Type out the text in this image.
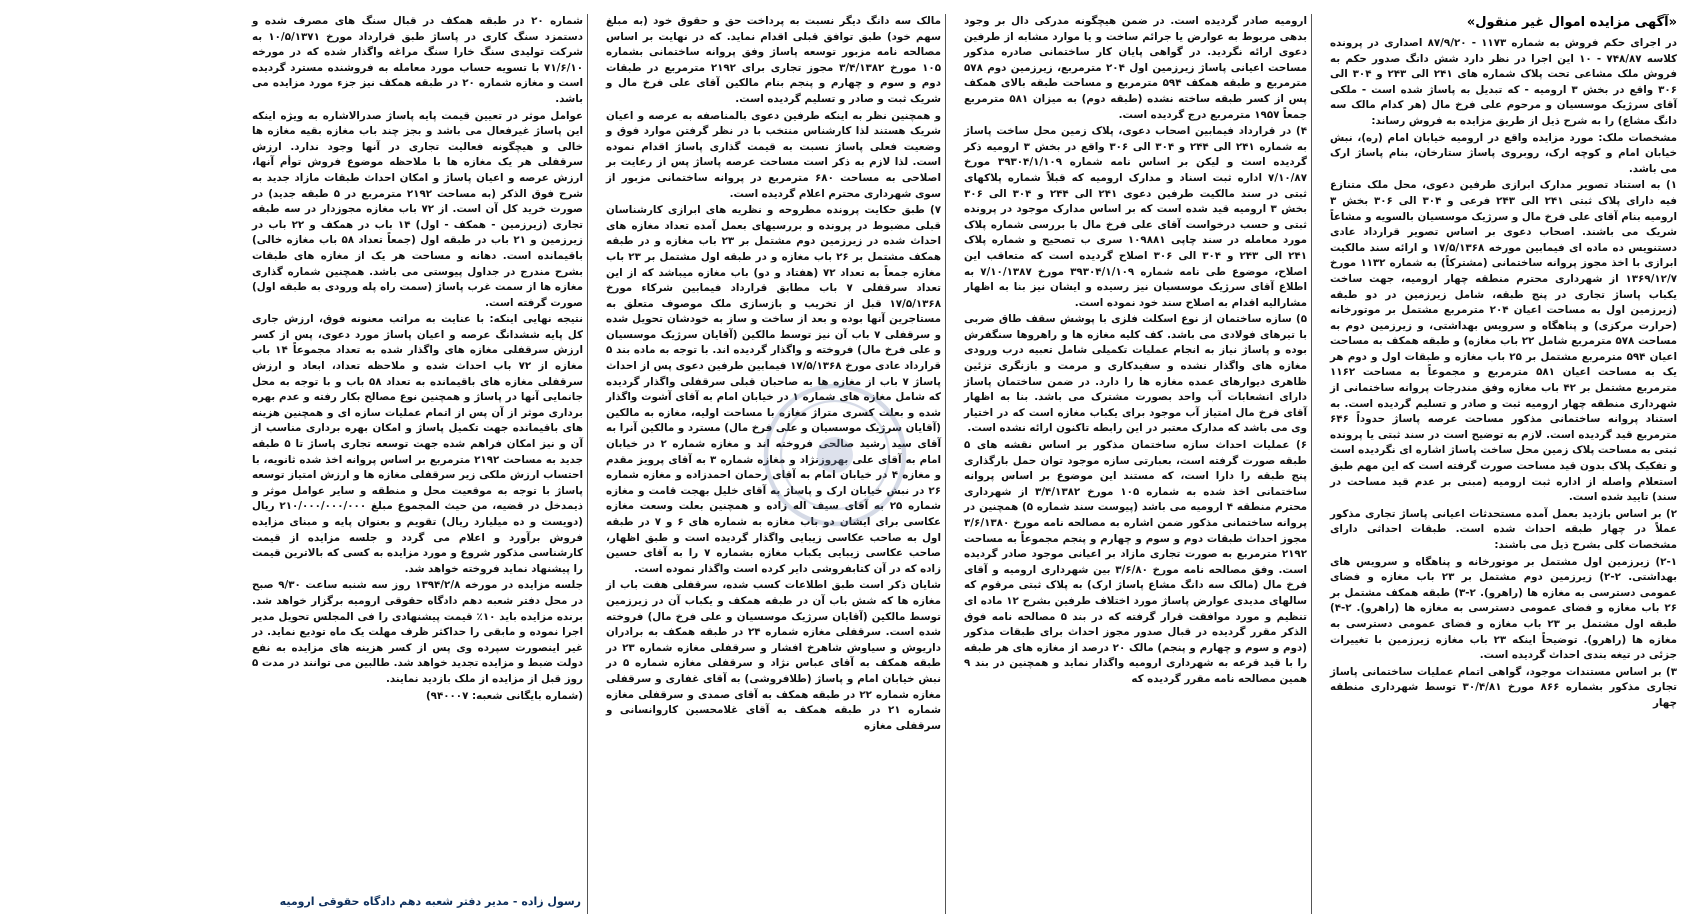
«آگهی مزایده اموال غیر منقول»

در اجرای حکم فروش به شماره ۱۱۷۳ - ۸۷/۹/۲۰ اصداری در پرونده کلاسه ۷۴۸/۸۷ - ۱۰ این اجرا در نظر دارد شش دانگ صدور حکم به فروش ملک مشاعی تحت پلاک شماره های ۲۴۱ الی ۲۴۳ و ۳۰۴ الی ۳۰۶ واقع در بخش ۳ ارومیه - که تبدیل به پاساژ شده است - ملکی آقای سرژیک موسسیان و مرحوم علی فرخ مال (هر کدام مالک سه دانگ مشاع) را به شرح ذیل از طریق مزایده به فروش رساند:

مشخصات ملک: مورد مزایده واقع در ارومیه خیابان امام (ره)، نبش خیابان امام و کوچه ارک، روبروی پاساژ ستارخان، بنام پاساژ ارک می باشد.

۱) به استناد تصویر مدارک ابرازی طرفین دعوی، محل ملک متنازع فیه دارای پلاک ثبتی ۲۴۱ الی ۲۴۳ فرعی و ۳۰۴ الی ۳۰۶ بخش ۳ ارومیه بنام آقای علی فرخ مال و سرژیک موسسیان بالسویه و مشاعاً شریک می باشند. اصحاب دعوی بر اساس تصویر قرارداد عادی دستنویس ده ماده ای فیمابین مورخه ۱۷/۵/۱۳۶۸ و ارائه سند مالکیت ابرازی با اخذ مجوز پروانه ساختمانی (مشترکاً) به شماره ۱۱۳۲ مورخ ۱۳۶۹/۱۲/۷ از شهرداری محترم منطقه چهار ارومیه، جهت ساخت یکباب پاساژ تجاری در پنج طبقه، شامل زیرزمین در دو طبقه (زیرزمین اول به مساحت اعیان ۲۰۴ مترمربع مشتمل بر موتورخانه (حرارت مرکزی) و پناهگاه و سرویس بهداشتی، و زیرزمین دوم به مساحت ۵۷۸ مترمربع شامل ۲۲ باب مغازه) و طبقه همکف به مساحت اعیان ۵۹۴ مترمربع مشتمل بر ۲۵ باب مغازه و طبقات اول و دوم هر یک به مساحت اعیان ۵۸۱ مترمربع و مجموعاً به مساحت ۱۱۶۲ مترمربع مشتمل بر ۴۲ باب مغازه وفق مندرجات پروانه ساختمانی از شهرداری منطقه چهار ارومیه ثبت و صادر و تسلیم گردیده است. به استناد پروانه ساختمانی مذکور مساحت عرصه پاساژ حدوداً ۶۴۶ مترمربع قید گردیده است. لازم به توضیح است در سند ثبتی یا پرونده ثبتی به مساحت پلاک زمین محل ساخت پاساژ اشاره ای نگردیده است و تفکیک پلاک بدون قید مساحت صورت گرفته است که این مهم طبق استعلام واصله از اداره ثبت ارومیه (مبنی بر عدم قید مساحت در سند) تایید شده است.

۲) بر اساس بازدید بعمل آمده مستحدثات اعیانی پاساژ تجاری مذکور عملاً در چهار طبقه احداث شده است. طبقات احداثی دارای مشخصات کلی بشرح ذیل می باشند:

۲-۱) زیرزمین اول مشتمل بر موتورخانه و پناهگاه و سرویس های بهداشتی. ۲-۲) زیرزمین دوم مشتمل بر ۲۳ باب مغازه و فضای عمومی دسترسی به مغازه ها (راهرو). ۲-۳) طبقه همکف مشتمل بر ۲۶ باب مغازه و فضای عمومی دسترسی به مغازه ها (راهرو). ۲-۴) طبقه اول مشتمل بر ۲۳ باب مغازه و فضای عمومی دسترسی به مغازه ها (راهرو). توضیحاً اینکه ۲۳ باب مغازه زیرزمین با تغییرات جزئی در تیغه بندی احداث گردیده است.

۳) بر اساس مستندات موجود، گواهی اتمام عملیات ساختمانی پاساژ تجاری مذکور بشماره ۸۶۶ مورخ ۳۰/۴/۸۱ توسط شهرداری منطقه چهار

ارومیه صادر گردیده است. در ضمن هیچگونه مدرکی دال بر وجود بدهی مربوط به عوارض یا جرائم ساخت و یا موارد مشابه از طرفین دعوی ارائه نگردید. در گواهی پایان کار ساختمانی صادره مذکور مساحت اعیانی پاساژ زیرزمین اول ۲۰۴ مترمربع، زیرزمین دوم ۵۷۸ مترمربع و طبقه همکف ۵۹۴ مترمربع و مساحت طبقه بالای همکف پس از کسر طبقه ساخته نشده (طبقه دوم) به میزان ۵۸۱ مترمربع جمعاً ۱۹۵۷ مترمربع درج گردیده است.

۴) در قرارداد فیمابین اصحاب دعوی، پلاک زمین محل ساخت پاساژ به شماره ۲۴۱ الی ۲۴۴ و ۳۰۴ الی ۳۰۶ واقع در بخش ۳ ارومیه ذکر گردیده است و لیکن بر اساس نامه شماره ۳۹۳۰۴/۱/۱۰۹ مورخ ۷/۱۰/۸۷ اداره ثبت اسناد و مدارک ارومیه که قبلاً شماره پلاکهای ثبتی در سند مالکیت طرفین دعوی ۲۴۱ الی ۲۴۴ و ۳۰۴ الی ۳۰۶ بخش ۳ ارومیه قید شده است که بر اساس مدارک موجود در پرونده ثبتی و حسب درخواست آقای علی فرخ مال با بررسی شماره پلاک مورد معامله در سند چاپی ۱۰۹۸۸۱ سری ب تصحیح و شماره پلاک ۲۴۱ الی ۲۴۳ و ۳۰۴ الی ۳۰۶ اصلاح گردیده است که متعاقب این اصلاح، موضوع طی نامه شماره ۳۹۳۰۴/۱/۱۰۹ مورخ ۷/۱۰/۱۳۸۷ به اطلاع آقای سرژیک موسسیان نیز رسیده و ایشان نیز بنا به اظهار مشارالیه اقدام به اصلاح سند خود نموده است.

۵) سازه ساختمان از نوع اسکلت فلزی با پوشش سقف طاق ضربی با تیرهای فولادی می باشد. کف کلیه مغازه ها و راهروها سنگفرش بوده و پاساژ نیاز به انجام عملیات تکمیلی شامل تعبیه درب ورودی مغازه های واگذار نشده و سفیدکاری و مرمت و بازنگری تزئین ظاهری دیوارهای عمده مغازه ها را دارد. در ضمن ساختمان پاساژ دارای انشعابات آب واحد بصورت مشترک می باشد. بنا به اظهار آقای فرخ مال امتیاز آب موجود برای یکباب مغازه است که در اختیار وی می باشد که مدارک معتبر در این رابطه تاکنون ارائه نشده است.

۶) عملیات احداث سازه ساختمان مذکور بر اساس نقشه های ۵ طبقه صورت گرفته است، بعبارتی سازه موجود توان حمل بارگذاری پنج طبقه را دارا است، که مستند این موضوع بر اساس پروانه ساختمانی اخذ شده به شماره ۱۰۵ مورخ ۳/۴/۱۳۸۲ از شهرداری محترم منطقه ۴ ارومیه می باشد (پیوست سند شماره ۵) همچنین در پروانه ساختمانی مذکور ضمن اشاره به مصالحه نامه مورخ ۳/۶/۱۳۸۰ مجوز احداث طبقات دوم و سوم و چهارم و پنجم مجموعاً به مساحت ۲۱۹۲ مترمربع به صورت تجاری مازاد بر اعیانی موجود صادر گردیده است. وفق مصالحه نامه مورخ ۳/۶/۸۰ بین شهرداری ارومیه و آقای فرخ مال (مالک سه دانگ مشاع پاساژ ارک) به پلاک ثبتی مرقوم که سالهای مدیدی عوارض پاساژ مورد اختلاف طرفین بشرح ۱۲ ماده ای تنظیم و مورد موافقت قرار گرفته که در بند ۵ مصالحه نامه فوق الذکر مقرر گردیده در قبال صدور مجوز احداث برای طبقات مذکور (دوم و سوم و چهارم و پنجم) مالک ۲۰ درصد از مغازه های هر طبقه را با قید قرعه به شهرداری ارومیه واگذار نماید و همچنین در بند ۹ همین مصالحه نامه مقرر گردیده که

مالک سه دانگ دیگر نسبت به پرداخت حق و حقوق خود (به مبلغ سهم خود) طبق توافق قبلی اقدام نماید. که در نهایت بر اساس مصالحه نامه مزبور توسعه پاساژ وفق پروانه ساختمانی بشماره ۱۰۵ مورخ ۳/۴/۱۳۸۲ مجوز تجاری برای ۲۱۹۲ مترمربع در طبقات دوم و سوم و چهارم و پنجم بنام مالکین آقای علی فرخ مال و شریک ثبت و صادر و تسلیم گردیده است.

و همچنین نظر به اینکه طرفین دعوی بالمناصفه به عرصه و اعیان شریک هستند لذا کارشناس منتخب با در نظر گرفتن موارد فوق و وضعیت فعلی پاساژ نسبت به قیمت گذاری پاساژ اقدام نموده است. لذا لازم به ذکر است مساحت عرصه پاساژ پس از رعایت بر اصلاحی به مساحت ۶۸۰ مترمربع در پروانه ساختمانی مزبور از سوی شهرداری محترم اعلام گردیده است.

۷) طبق حکایت پرونده مطروحه و نظریه های ابرازی کارشناسان قبلی مضبوط در پرونده و بررسیهای بعمل آمده تعداد مغازه های احداث شده در زیرزمین دوم مشتمل بر ۲۳ باب مغازه و در طبقه همکف مشتمل بر ۲۶ باب مغازه و در طبقه اول مشتمل بر ۲۳ باب مغازه جمعاً به تعداد ۷۲ (هفتاد و دو) باب مغازه میباشد که از این تعداد سرقفلی ۷ باب مطابق قرارداد فیمابین شرکاء مورخ ۱۷/۵/۱۳۶۸ قبل از تخریب و بازسازی ملک موصوف متعلق به مستاجرین آنها بوده و بعد از ساخت و ساز به خودشان تحویل شده و سرقفلی ۷ باب آن نیز توسط مالکین (آقایان سرژیک موسسیان و علی فرخ مال) فروخته و واگذار گردیده اند. با توجه به ماده بند ۵ قرارداد عادی مورخ ۱۷/۵/۱۳۶۸ فیمابین طرفین دعوی پس از احداث پاساژ ۷ باب از مغازه ها به صاحبان قبلی سرقفلی واگذار گردیده که شامل مغازه های شماره ۱ در خیابان امام به آقای آشوت واگذار شده و بعلت کسری متراژ مغازه با مساحت اولیه، مغازه به مالکین (آقایان سرژیک موسسیان و علی فرخ مال) مسترد و مالکین آنرا به آقای سید رشید صالحی فروخته اند و مغازه شماره ۲ در خیابان امام به آقای علی بهروزنژاد و مغازه شماره ۳ به آقای پرویز مقدم و مغازه ۴ در خیابان امام به آقای رحمان احمدزاده و مغازه شماره ۲۶ در نبش خیابان ارک و پاساژ به آقای خلیل بهجت قامت و مغازه شماره ۲۵ به آقای سیف اله زاده و همچنین بعلت وسعت مغازه عکاسی برای ایشان دو باب مغازه به شماره های ۶ و ۷ در طبقه اول به صاحب عکاسی زیبایی واگذار گردیده است و طبق اظهار، صاحب عکاسی زیبایی یکباب مغازه بشماره ۷ را به آقای حسین زاده که در آن کتابفروشی دایر کرده است واگذار نموده است.

شایان ذکر است طبق اطلاعات کسب شده، سرقفلی هفت باب از مغازه ها که شش باب آن در طبقه همکف و یکباب آن در زیرزمین توسط مالکین (آقایان سرژیک موسسیان و علی فرخ مال) فروخته شده است. سرقفلی مغازه شماره ۲۴ در طبقه همکف به برادران داریوش و سیاوش شاهرخ افشار و سرقفلی مغازه شماره ۲۳ در طبقه همکف به آقای عباس نژاد و سرقفلی مغازه شماره ۵ در نبش خیابان امام و پاساژ (طلافروشی) به آقای غفاری و سرقفلی مغازه شماره ۲۲ در طبقه همکف به آقای صمدی و سرقفلی مغازه شماره ۲۱ در طبقه همکف به آقای غلامحسین کاروانسانی و سرقفلی مغازه

شماره ۲۰ در طبقه همکف در قبال سنگ های مصرف شده و دستمزد سنگ کاری در پاساژ طبق قرارداد مورخ ۱۰/۵/۱۳۷۱ به شرکت تولیدی سنگ خارا سنگ مراغه واگذار شده که در مورخه ۷۱/۶/۱۰ با تسویه حساب مورد معامله به فروشنده مسترد گردیده است و مغازه شماره ۲۰ در طبقه همکف نیز جزء مورد مزایده می باشد.

عوامل موثر در تعیین قیمت پایه پاساژ صدرالاشاره به ویژه اینکه این پاساژ غیرفعال می باشد و بجز چند باب مغازه بقیه مغازه ها خالی و هیچگونه فعالیت تجاری در آنها وجود ندارد. ارزش سرقفلی هر یک مغازه ها با ملاحظه موضوع فروش توأم آنها، ارزش عرصه و اعیان پاساژ و امکان احداث طبقات مازاد جدید به شرح فوق الذکر (به مساحت ۲۱۹۲ مترمربع در ۵ طبقه جدید) در صورت خرید کل آن است. از ۷۲ باب مغازه مجوزدار در سه طبقه تجاری (زیرزمین - همکف - اول) ۱۴ باب در همکف و ۲۲ باب در زیرزمین و ۲۱ باب در طبقه اول (جمعاً تعداد ۵۸ باب مغازه خالی) باقیمانده است. دهانه و مساحت هر یک از مغازه های طبقات بشرح مندرج در جداول پیوستی می باشد. همچنین شماره گذاری مغازه ها از سمت غرب پاساژ (سمت راه پله ورودی به طبقه اول) صورت گرفته است.

نتیجه نهایی اینکه: با عنایت به مراتب معنونه فوق، ارزش جاری کل پایه ششدانگ عرصه و اعیان پاساژ مورد دعوی، پس از کسر ارزش سرقفلی مغازه های واگذار شده به تعداد مجموعاً ۱۴ باب مغازه از ۷۲ باب احداث شده و ملاحظه تعداد، ابعاد و ارزش سرقفلی مغازه های باقیمانده به تعداد ۵۸ باب و با توجه به محل جانمایی آنها در پاساژ و همچنین نوع مصالح بکار رفته و عدم بهره برداری موثر از آن پس از اتمام عملیات سازه ای و همچنین هزینه های باقیمانده جهت تکمیل پاساژ و امکان بهره برداری مناسب از آن و نیز امکان فراهم شده جهت توسعه تجاری پاساژ تا ۵ طبقه جدید به مساحت ۲۱۹۲ مترمربع بر اساس پروانه اخذ شده ثانویه، با احتساب ارزش ملکی زیر سرقفلی مغازه ها و ارزش امتیاز توسعه پاساژ با توجه به موقعیت محل و منطقه و سایر عوامل موثر و ذیمدخل در قضیه، من حیث المجموع مبلغ ۲۱۰/۰۰۰/۰۰۰/۰۰۰ ریال (دویست و ده میلیارد ریال) تقویم و بعنوان پایه و مبنای مزایده فروش برآورد و اعلام می گردد و جلسه مزایده از قیمت کارشناسی مذکور شروع و مورد مزایده به کسی که بالاترین قیمت را پیشنهاد نماید فروخته خواهد شد.

جلسه مزایده در مورخه ۱۳۹۴/۲/۸ روز سه شنبه ساعت ۹/۳۰ صبح در محل دفتر شعبه دهم دادگاه حقوقی ارومیه برگزار خواهد شد. برنده مزایده باید ۱۰٪ قیمت پیشنهادی را فی المجلس تحویل مدیر اجرا نموده و مابقی را حداکثر ظرف مهلت یک ماه تودیع نماید. در غیر اینصورت سپرده وی پس از کسر هزینه های مزایده به نفع دولت ضبط و مزایده تجدید خواهد شد. طالبین می توانند در مدت ۵ روز قبل از مزایده از ملک بازدید نمایند.

(شماره بایگانی شعبه: ۹۴۰۰۰۷)

رسول زاده - مدیر دفتر شعبه دهم دادگاه حقوقی ارومیه
